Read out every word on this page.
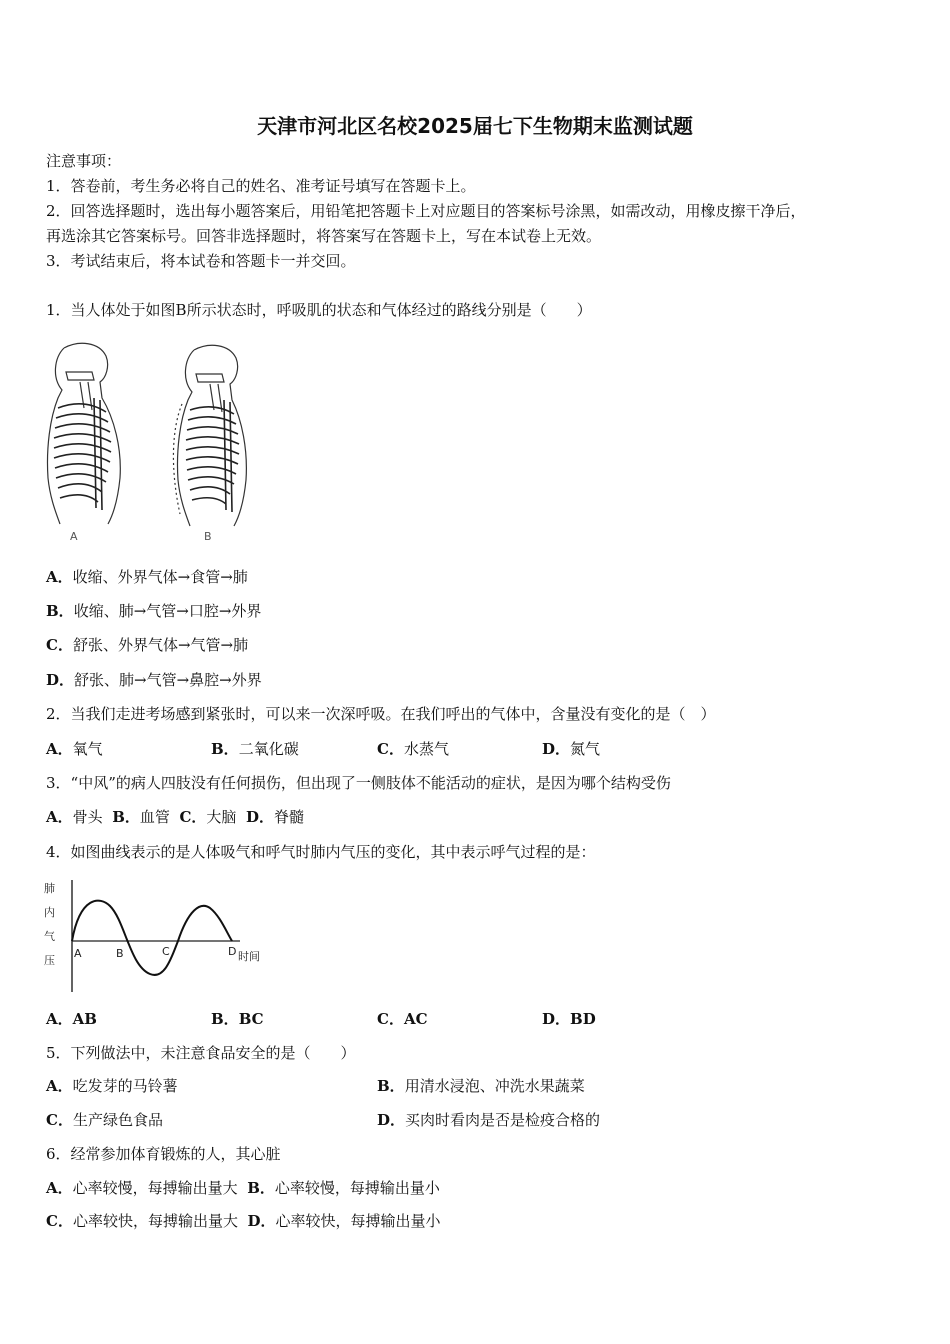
天津市河北区名校2025届七下生物期末监测试题
注意事项：
1．答卷前，考生务必将自己的姓名、准考证号填写在答题卡上。
2．回答选择题时，选出每小题答案后，用铅笔把答题卡上对应题目的答案标号涂黑，如需改动，用橡皮擦干净后，
再选涂其它答案标号。回答非选择题时，将答案写在答题卡上，写在本试卷上无效。
3．考试结束后，将本试卷和答题卡一并交回。
1．当人体处于如图B所示状态时，呼吸肌的状态和气体经过的路线分别是（　　）
A	B
A．收缩、外界气体→食管→肺
B．收缩、肺→气管→口腔→外界
C．舒张、外界气体→气管→肺
D．舒张、肺→气管→鼻腔→外界
2．当我们走进考场感到紧张时，可以来一次深呼吸。在我们呼出的气体中，含量没有变化的是（　）
A．氧气	B．二氧化碳	C．水蒸气	D．氮气
3．“中风”的病人四肢没有任何损伤，但出现了一侧肢体不能活动的症状，是因为哪个结构受伤
A．骨头 B．血管 C．大脑 D．脊髓
4．如图曲线表示的是人体吸气和呼气时肺内气压的变化，其中表示呼气过程的是：
肺
内
气
压
A	B	C	D 时间
A．AB	B．BC	C．AC	D．BD
5．下列做法中，未注意食品安全的是（　　）
A．吃发芽的马铃薯	B．用清水浸泡、冲洗水果蔬菜
C．生产绿色食品	D．买肉时看肉是否是检疫合格的
6．经常参加体育锻炼的人，其心脏
A．心率较慢，每搏输出量大 B．心率较慢，每搏输出量小
C．心率较快，每搏输出量大 D．心率较快，每搏输出量小
